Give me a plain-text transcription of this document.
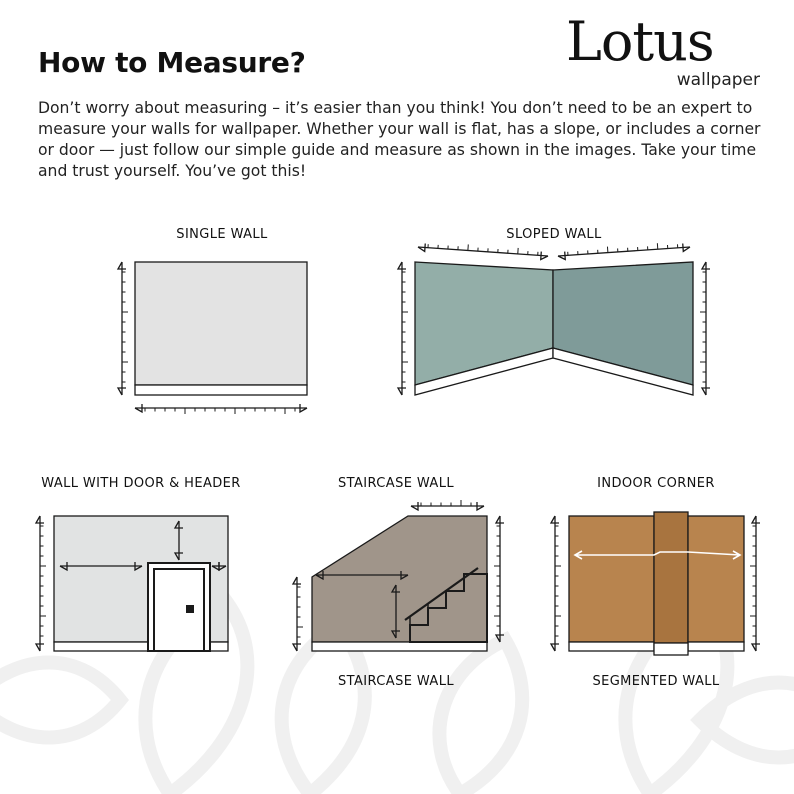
How to Measure?

Don’t worry about measuring – it’s easier than you think! You don’t need to be an expert to measure your walls for wallpaper. Whether your wall is flat, has a slope, or includes a corner or door — just follow our simple guide and measure as shown in the images. Take your time and trust yourself. You’ve got this!

Lotus
wallpaper
SINGLE WALL	SLOPED WALL
WALL WITH DOOR & HEADER	STAIRCASE WALL	INDOOR CORNER
STAIRCASE WALL	SEGMENTED WALL
